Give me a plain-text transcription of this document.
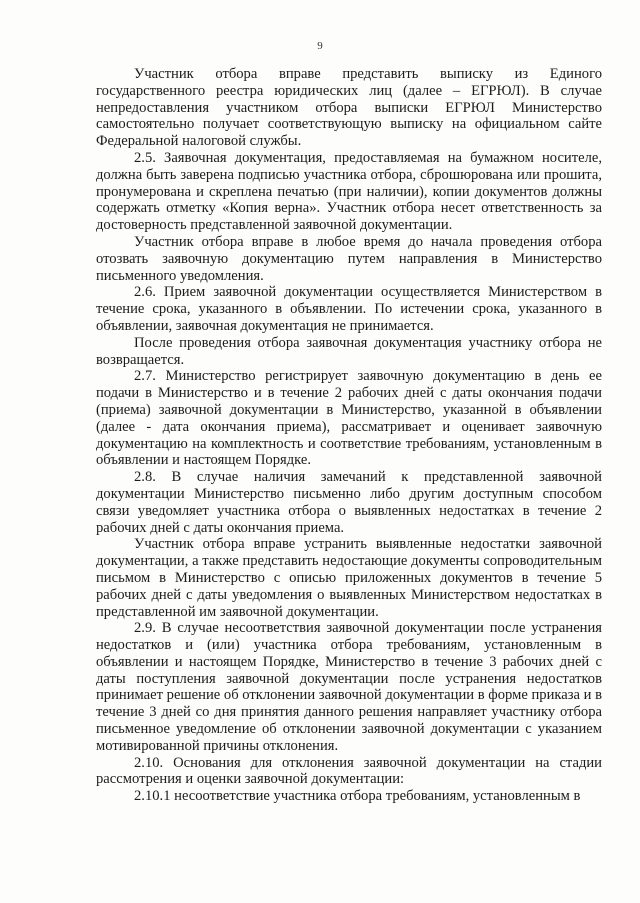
9

Участник отбора вправе представить выписку из Единого государственного реестра юридических лиц (далее – ЕГРЮЛ). В случае непредоставления участником отбора выписки ЕГРЮЛ Министерство самостоятельно получает соответствующую выписку на официальном сайте Федеральной налоговой службы.

2.5. Заявочная документация, предоставляемая на бумажном носителе, должна быть заверена подписью участника отбора, сброшюрована или прошита, пронумерована и скреплена печатью (при наличии), копии документов должны содержать отметку «Копия верна». Участник отбора несет ответственность за достоверность представленной заявочной документации.

Участник отбора вправе в любое время до начала проведения отбора отозвать заявочную документацию путем направления в Министерство письменного уведомления.

2.6. Прием заявочной документации осуществляется Министерством в течение срока, указанного в объявлении. По истечении срока, указанного в объявлении, заявочная документация не принимается.

После проведения отбора заявочная документация участнику отбора не возвращается.

2.7. Министерство регистрирует заявочную документацию в день ее подачи в Министерство и в течение 2 рабочих дней с даты окончания подачи (приема) заявочной документации в Министерство, указанной в объявлении (далее - дата окончания приема), рассматривает и оценивает заявочную документацию на комплектность и соответствие требованиям, установленным в объявлении и настоящем Порядке.

2.8. В случае наличия замечаний к представленной заявочной документации Министерство письменно либо другим доступным способом связи уведомляет участника отбора о выявленных недостатках в течение 2 рабочих дней с даты окончания приема.

Участник отбора вправе устранить выявленные недостатки заявочной документации, а также представить недостающие документы сопроводительным письмом в Министерство с описью приложенных документов в течение 5 рабочих дней с даты уведомления о выявленных Министерством недостатках в представленной им заявочной документации.

2.9. В случае несоответствия заявочной документации после устранения недостатков и (или) участника отбора требованиям, установленным в объявлении и настоящем Порядке, Министерство в течение 3 рабочих дней с даты поступления заявочной документации после устранения недостатков принимает решение об отклонении заявочной документации в форме приказа и в течение 3 дней со дня принятия данного решения направляет участнику отбора письменное уведомление об отклонении заявочной документации с указанием мотивированной причины отклонения.

2.10. Основания для отклонения заявочной документации на стадии рассмотрения и оценки заявочной документации:

2.10.1 несоответствие участника отбора требованиям, установленным в
